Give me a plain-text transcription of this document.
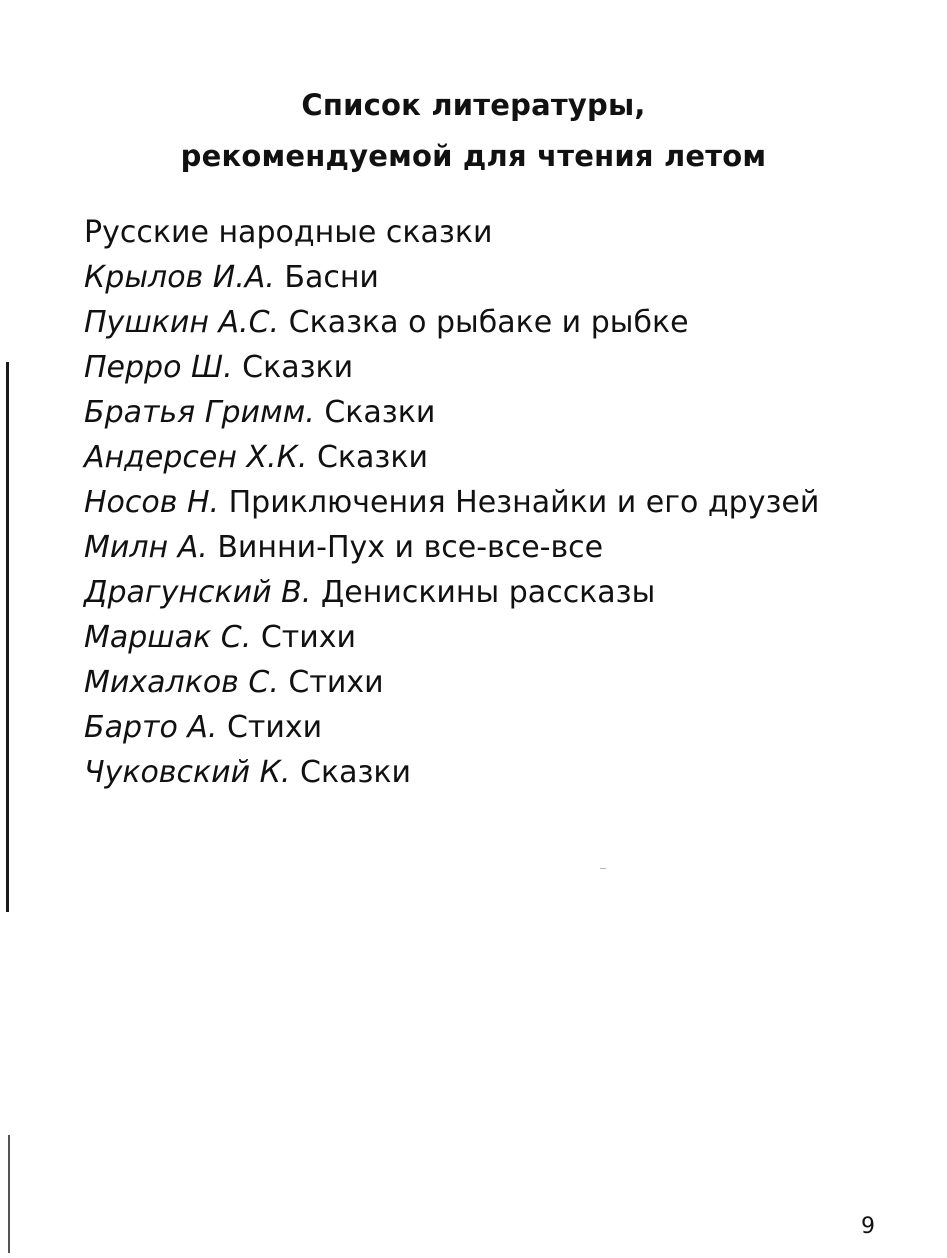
Список литературы,
рекомендуемой для чтения летом
Русские народные сказки
Крылов И.А. Басни
Пушкин А.С. Сказка о рыбаке и рыбке
Перро Ш. Сказки
Братья Гримм. Сказки
Андерсен Х.К. Сказки
Носов Н. Приключения Незнайки и его друзей
Милн А. Винни-Пух и все-все-все
Драгунский В. Денискины рассказы
Маршак С. Стихи
Михалков С. Стихи
Барто А. Стихи
Чуковский К. Сказки
9
